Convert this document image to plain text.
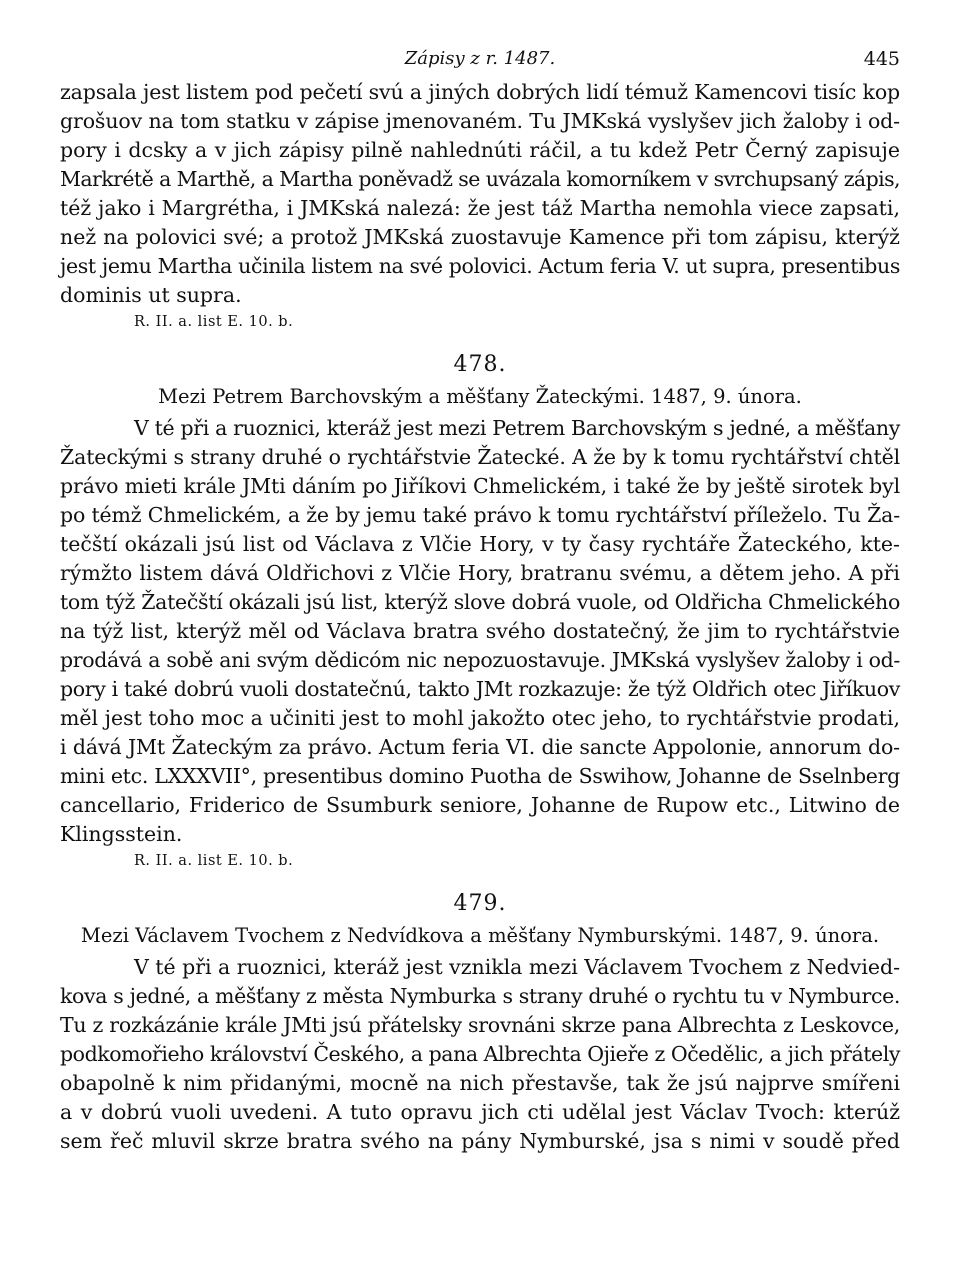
Zápisy z r. 1487.	445

zapsala jest listem pod pečetí svú a jiných dobrých lidí témuž Kamencovi tisíc kop
grošuov na tom statku v zápise jmenovaném. Tu JMKská vyslyšev jich žaloby i od-
pory i dcsky a v jich zápisy pilně nahlednúti ráčil, a tu kdež Petr Černý zapisuje
Markrétě a Marthě, a Martha poněvadž se uvázala komorníkem v svrchupsaný zápis,
též jako i Margrétha, i JMKská nalezá: že jest táž Martha nemohla viece zapsati,
než na polovici své; a protož JMKská zuostavuje Kamence při tom zápisu, kterýž
jest jemu Martha učinila listem na své polovici. Actum feria V. ut supra, presentibus
dominis ut supra.

R. II. a. list E. 10. b.
478.
Mezi Petrem Barchovským a měšťany Žateckými. 1487, 9. února.

V té při a ruoznici, kteráž jest mezi Petrem Barchovským s jedné, a měšťany
Žateckými s strany druhé o rychtářstvie Žatecké. A že by k tomu rychtářství chtěl
právo mieti krále JMti dáním po Jiříkovi Chmelickém, i také že by ještě sirotek byl
po témž Chmelickém, a že by jemu také právo k tomu rychtářství příleželo. Tu Ža-
tečští okázali jsú list od Václava z Vlčie Hory, v ty časy rychtáře Žateckého, kte-
rýmžto listem dává Oldřichovi z Vlčie Hory, bratranu svému, a dětem jeho. A při
tom týž Žatečští okázali jsú list, kterýž slove dobrá vuole, od Oldřicha Chmelického
na týž list, kterýž měl od Václava bratra svého dostatečný, že jim to rychtářstvie
prodává a sobě ani svým dědicóm nic nepozuostavuje. JMKská vyslyšev žaloby i od-
pory i také dobrú vuoli dostatečnú, takto JMt rozkazuje: že týž Oldřich otec Jiříkuov
měl jest toho moc a učiniti jest to mohl jakožto otec jeho, to rychtářstvie prodati,
i dává JMt Žateckým za právo. Actum feria VI. die sancte Appolonie, annorum do-
mini etc. LXXXVII°, presentibus domino Puotha de Sswihow, Johanne de Sselnberg
cancellario, Friderico de Ssumburk seniore, Johanne de Rupow etc., Litwino de
Klingsstein.

R. II. a. list E. 10. b.
479.
Mezi Václavem Tvochem z Nedvídkova a měšťany Nymburskými. 1487, 9. února.

V té při a ruoznici, kteráž jest vznikla mezi Václavem Tvochem z Nedvied-
kova s jedné, a měšťany z města Nymburka s strany druhé o rychtu tu v Nymburce.
Tu z rozkázánie krále JMti jsú přátelsky srovnáni skrze pana Albrechta z Leskovce,
podkomořieho království Českého, a pana Albrechta Ojieře z Očedělic, a jich přátely
obapolně k nim přidanými, mocně na nich přestavše, tak že jsú najprve smířeni
a v dobrú vuoli uvedeni. A tuto opravu jich cti udělal jest Václav Tvoch: kterúž
sem řeč mluvil skrze bratra svého na pány Nymburské, jsa s nimi v soudě před
